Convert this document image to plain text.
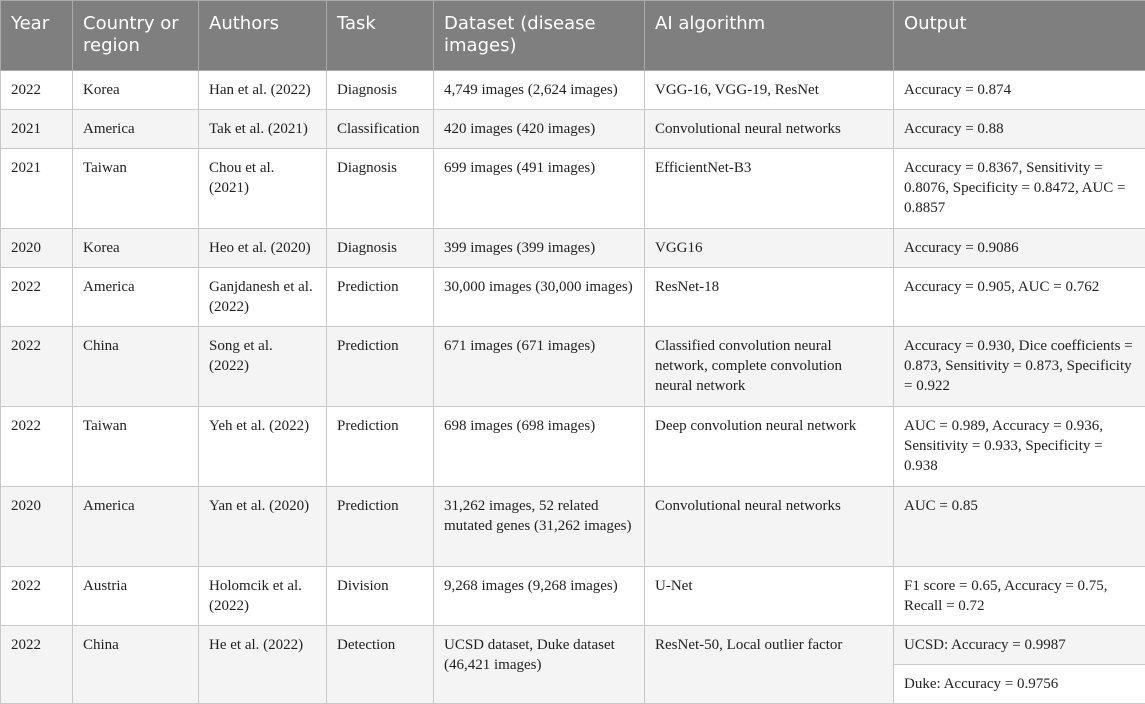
Year	Country or region	Authors	Task	Dataset (disease images)	AI algorithm	Output
2022	Korea	Han et al. (2022)	Diagnosis	4,749 images (2,624 images)	VGG-16, VGG-19, ResNet	Accuracy = 0.874
2021	America	Tak et al. (2021)	Classification	420 images (420 images)	Convolutional neural networks	Accuracy = 0.88
2021	Taiwan	Chou et al. (2021)	Diagnosis	699 images (491 images)	EfficientNet-B3	Accuracy = 0.8367, Sensitivity = 0.8076, Specificity = 0.8472, AUC = 0.8857
2020	Korea	Heo et al. (2020)	Diagnosis	399 images (399 images)	VGG16	Accuracy = 0.9086
2022	America	Ganjdanesh et al. (2022)	Prediction	30,000 images (30,000 images)	ResNet-18	Accuracy = 0.905, AUC = 0.762
2022	China	Song et al. (2022)	Prediction	671 images (671 images)	Classified convolution neural network, complete convolution neural network	Accuracy = 0.930, Dice coefficients = 0.873, Sensitivity = 0.873, Specificity = 0.922
2022	Taiwan	Yeh et al. (2022)	Prediction	698 images (698 images)	Deep convolution neural network	AUC = 0.989, Accuracy = 0.936, Sensitivity = 0.933, Specificity = 0.938
2020	America	Yan et al. (2020)	Prediction	31,262 images, 52 related mutated genes (31,262 images)	Convolutional neural networks	AUC = 0.85
2022	Austria	Holomcik et al. (2022)	Division	9,268 images (9,268 images)	U-Net	F1 score = 0.65, Accuracy = 0.75, Recall = 0.72
2022	China	He et al. (2022)	Detection	UCSD dataset, Duke dataset (46,421 images)	ResNet-50, Local outlier factor	UCSD: Accuracy = 0.9987
						Duke: Accuracy = 0.9756
